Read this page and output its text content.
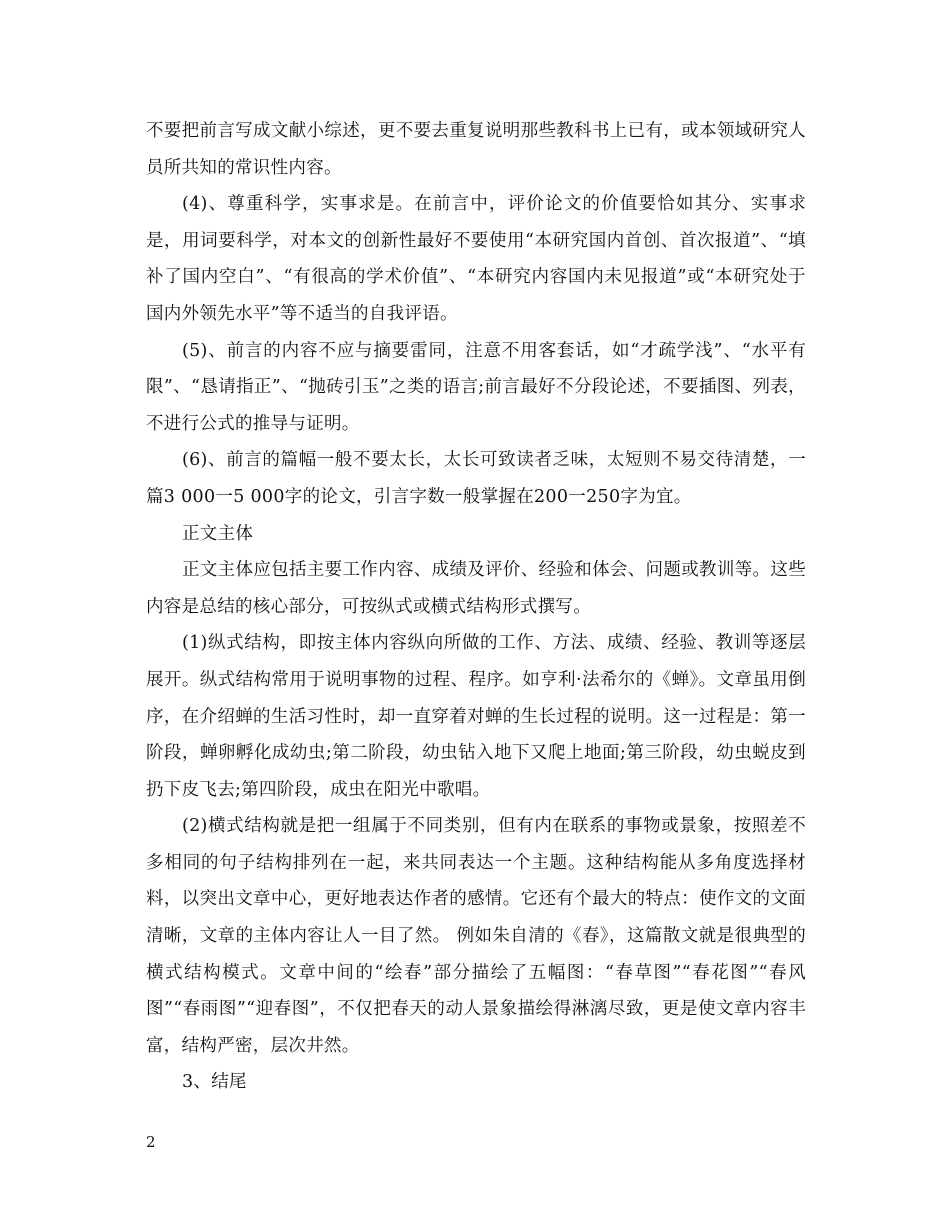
不要把前言写成文献小综述，更不要去重复说明那些教科书上已有，或本领域研究人员所共知的常识性内容。

(4)、尊重科学，实事求是。在前言中，评价论文的价值要恰如其分、实事求是，用词要科学，对本文的创新性最好不要使用“本研究国内首创、首次报道”、“填补了国内空白”、“有很高的学术价值”、“本研究内容国内未见报道”或“本研究处于国内外领先水平”等不适当的自我评语。

(5)、前言的内容不应与摘要雷同，注意不用客套话，如“才疏学浅”、“水平有限”、“恳请指正”、“抛砖引玉”之类的语言;前言最好不分段论述，不要插图、列表，不进行公式的推导与证明。

(6)、前言的篇幅一般不要太长，太长可致读者乏味，太短则不易交待清楚，一篇3 000一5 000字的论文，引言字数一般掌握在200一250字为宜。

正文主体

正文主体应包括主要工作内容、成绩及评价、经验和体会、问题或教训等。这些内容是总结的核心部分，可按纵式或横式结构形式撰写。

(1)纵式结构，即按主体内容纵向所做的工作、方法、成绩、经验、教训等逐层展开。纵式结构常用于说明事物的过程、程序。如亨利·法希尔的《蝉》。文章虽用倒序，在介绍蝉的生活习性时，却一直穿着对蝉的生长过程的说明。这一过程是：第一阶段，蝉卵孵化成幼虫;第二阶段，幼虫钻入地下又爬上地面;第三阶段，幼虫蜕皮到扔下皮飞去;第四阶段，成虫在阳光中歌唱。

(2)横式结构就是把一组属于不同类别，但有内在联系的事物或景象，按照差不多相同的句子结构排列在一起，来共同表达一个主题。这种结构能从多角度选择材料，以突出文章中心，更好地表达作者的感情。它还有个最大的特点：使作文的文面清晰，文章的主体内容让人一目了然。 例如朱自清的《春》，这篇散文就是很典型的横式结构模式。文章中间的“绘春”部分描绘了五幅图：“春草图”“春花图”“春风图”“春雨图”“迎春图”，不仅把春天的动人景象描绘得淋漓尽致，更是使文章内容丰富，结构严密，层次井然。

3、结尾

2
